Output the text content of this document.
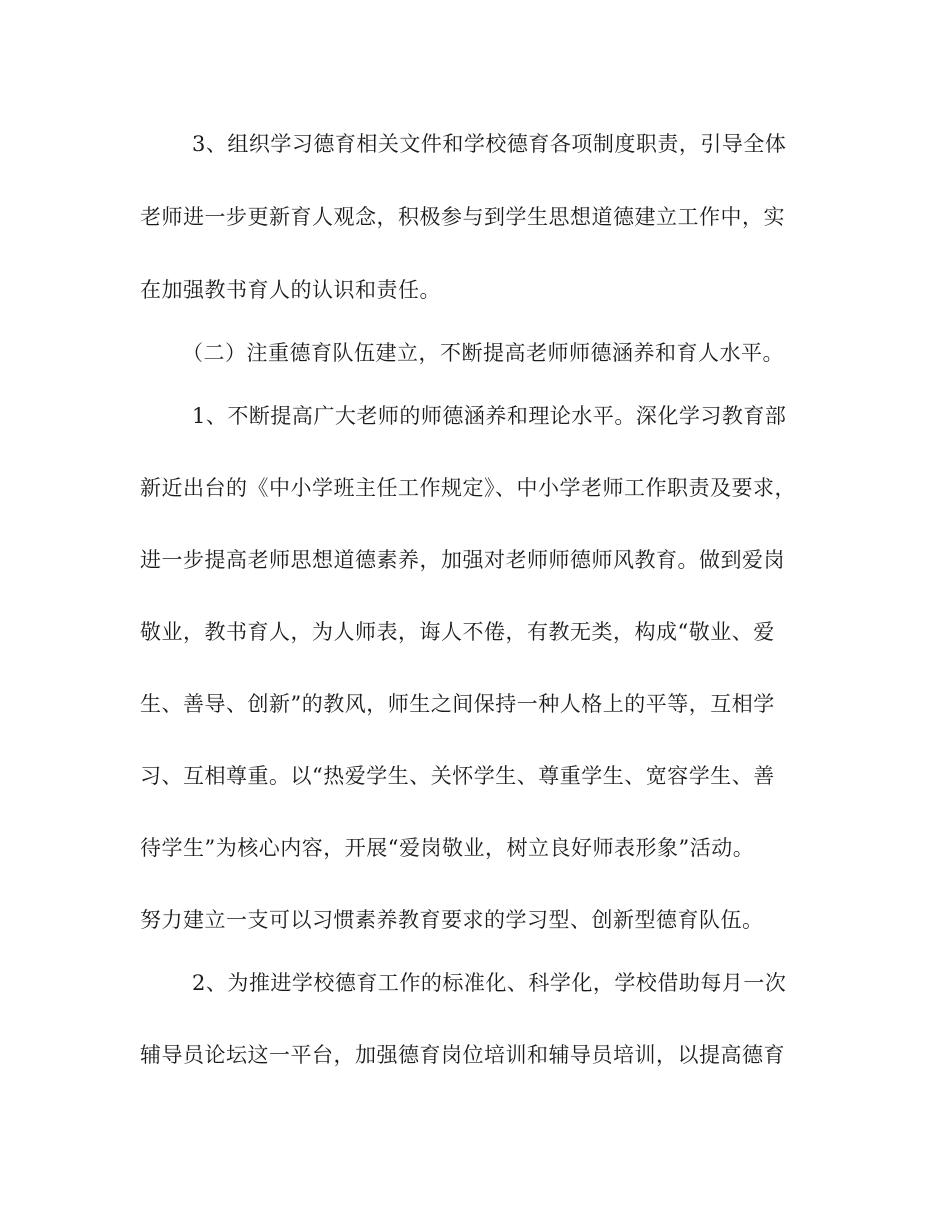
3、组织学习德育相关文件和学校德育各项制度职责，引导全体
老师进一步更新育人观念，积极参与到学生思想道德建立工作中，实
在加强教书育人的认识和责任。
（二）注重德育队伍建立，不断提高老师师德涵养和育人水平。
1、不断提高广大老师的师德涵养和理论水平。深化学习教育部
新近出台的《中小学班主任工作规定》、中小学老师工作职责及要求，
进一步提高老师思想道德素养，加强对老师师德师风教育。做到爱岗
敬业，教书育人，为人师表，诲人不倦，有教无类，构成“敬业、爱
生、善导、创新”的教风，师生之间保持一种人格上的平等，互相学
习、互相尊重。以“热爱学生、关怀学生、尊重学生、宽容学生、善
待学生”为核心内容，开展“爱岗敬业，树立良好师表形象”活动。
努力建立一支可以习惯素养教育要求的学习型、创新型德育队伍。
2、为推进学校德育工作的标准化、科学化，学校借助每月一次
辅导员论坛这一平台，加强德育岗位培训和辅导员培训，以提高德育
